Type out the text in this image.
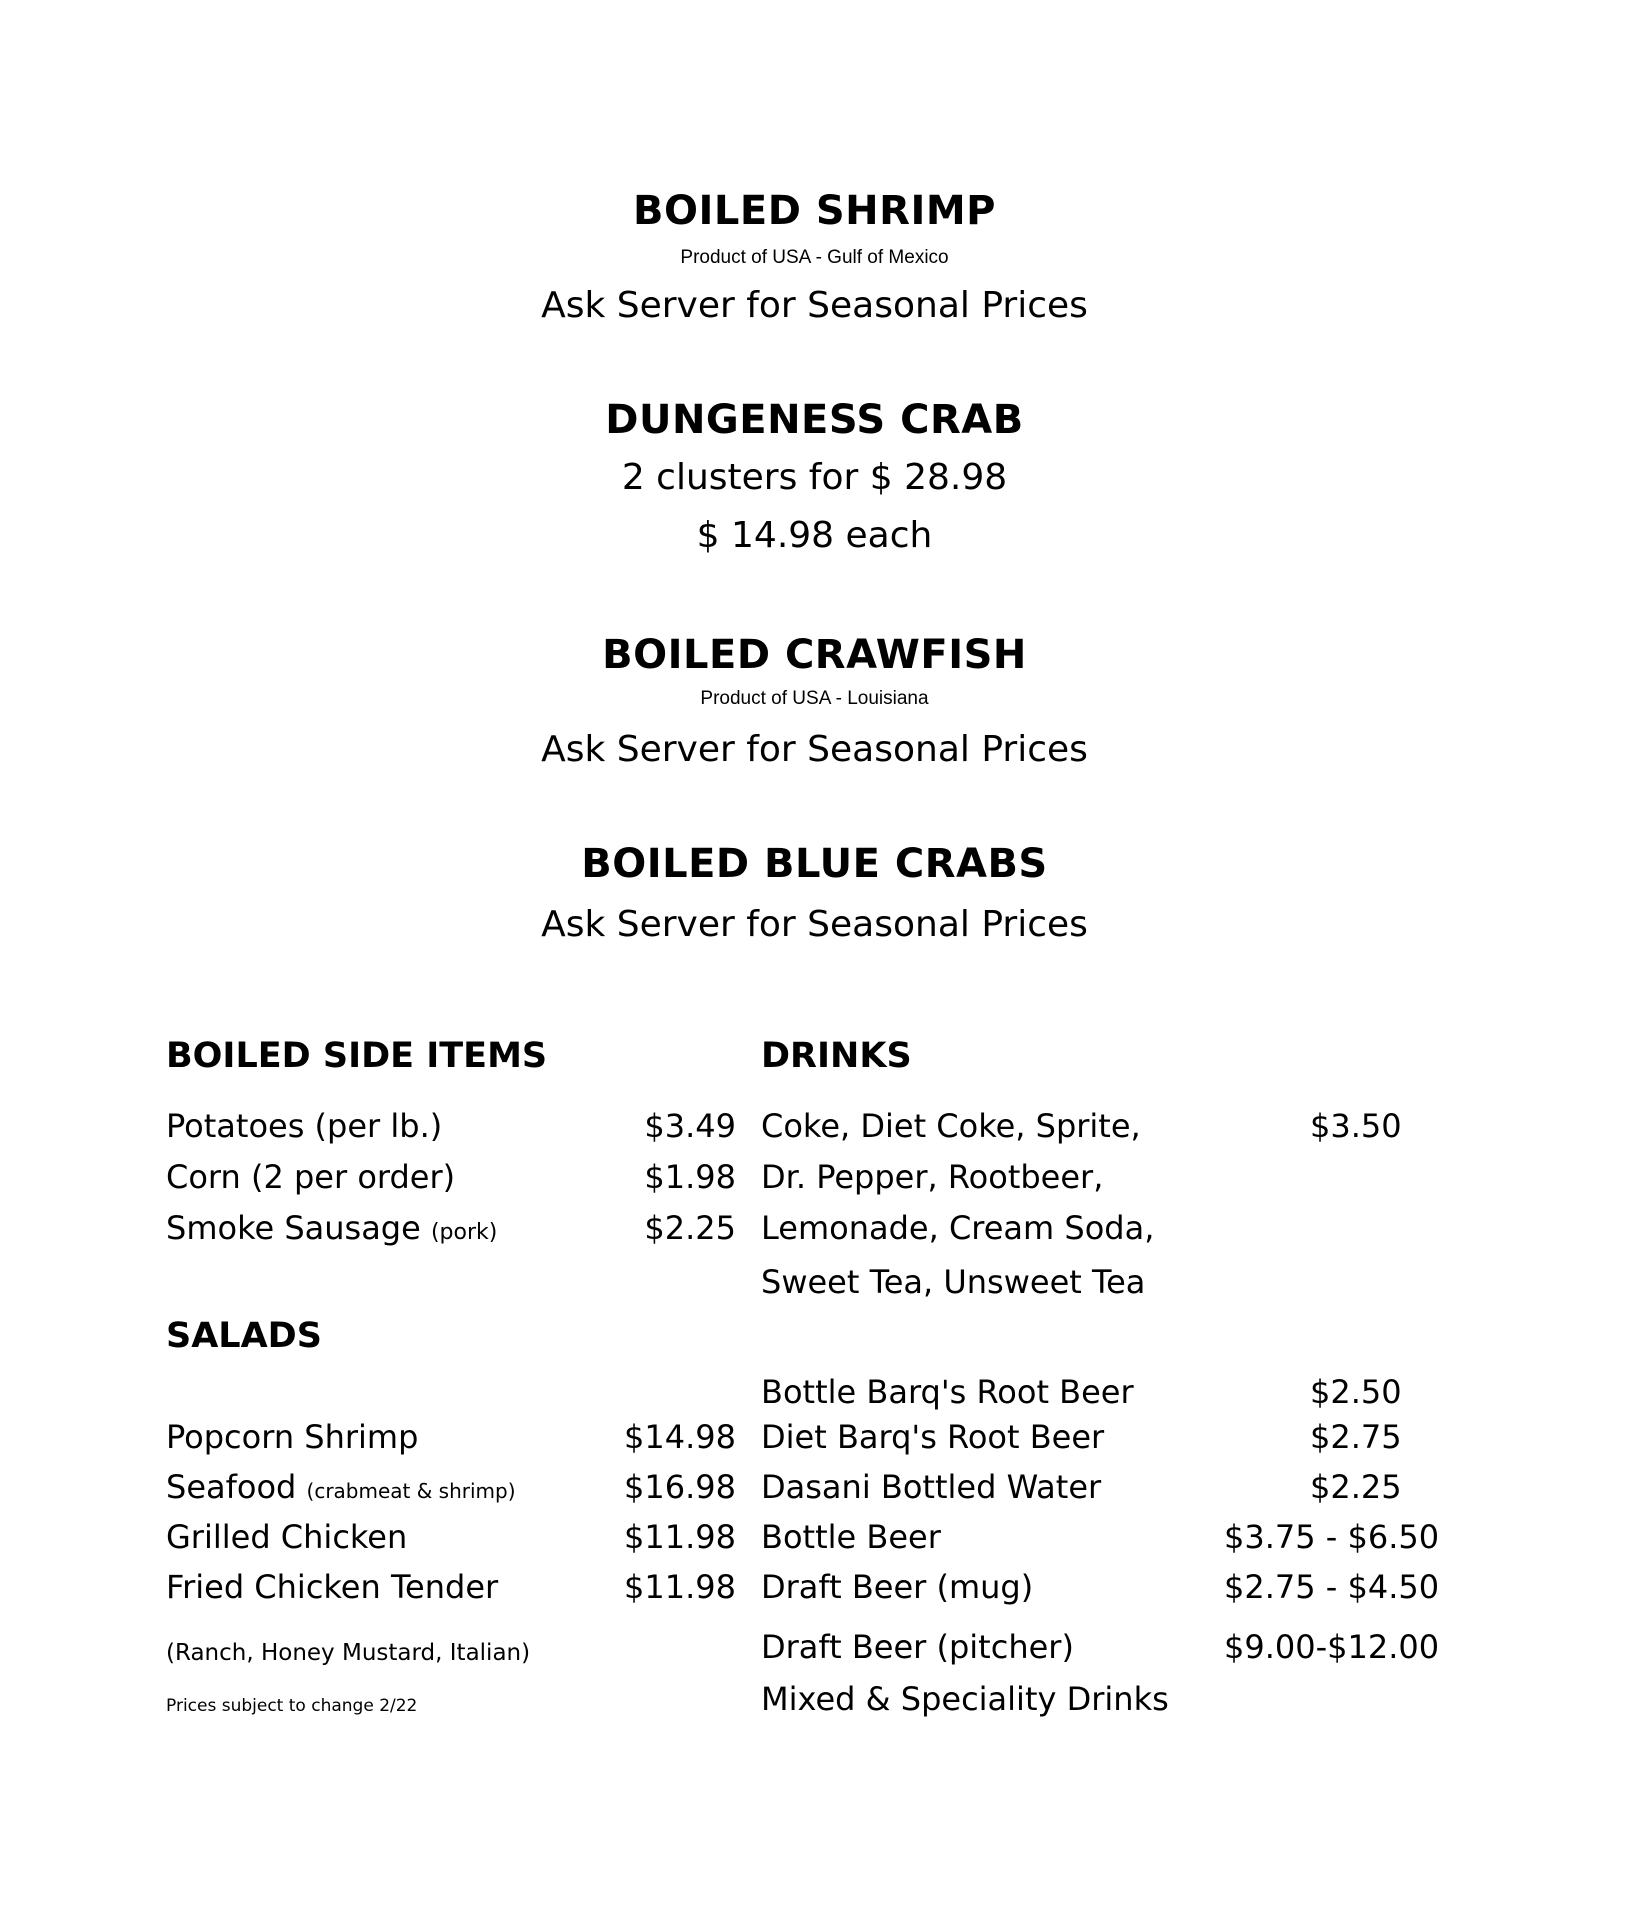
BOILED SHRIMP
Product of USA - Gulf of Mexico
Ask Server for Seasonal Prices
DUNGENESS CRAB
2 clusters for $ 28.98
$ 14.98 each
BOILED CRAWFISH
Product of USA - Louisiana
Ask Server for Seasonal Prices
BOILED BLUE CRABS
Ask Server for Seasonal Prices
BOILED SIDE ITEMS
Potatoes (per lb.)	$3.49
Corn (2 per order)	$1.98
Smoke Sausage (pork)	$2.25
SALADS
Popcorn Shrimp	$14.98
Seafood (crabmeat & shrimp)	$16.98
Grilled Chicken	$11.98
Fried Chicken Tender	$11.98
(Ranch, Honey Mustard, Italian)
Prices subject to change 2/22
DRINKS
Coke, Diet Coke, Sprite,	$3.50
Dr. Pepper, Rootbeer,
Lemonade, Cream Soda,
Sweet Tea, Unsweet Tea
Bottle Barq's Root Beer	$2.50
Diet Barq's Root Beer	$2.75
Dasani Bottled Water	$2.25
Bottle Beer	$3.75 - $6.50
Draft Beer (mug)	$2.75 - $4.50
Draft Beer (pitcher)	$9.00-$12.00
Mixed & Speciality Drinks
